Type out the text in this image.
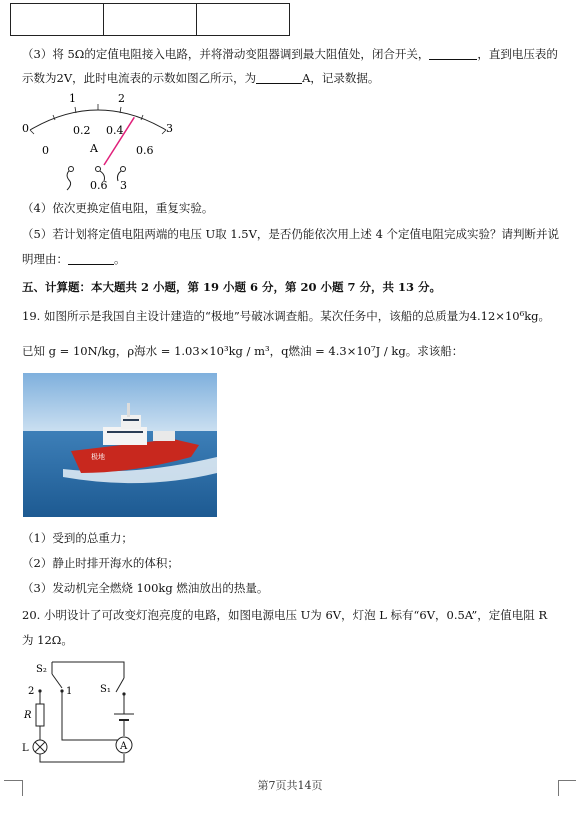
（3）将 5Ω的定值电阻接入电路，并将滑动变阻器调到最大阻值处，闭合开关，	，直到电压表的
示数为2V，此时电流表的示数如图乙所示，为	A，记录数据。
0
1	2
3
0
0.2 0.4
0.6
A
0.6 3
（4）依次更换定值电阻，重复实验。
（5）若计划将定值电阻两端的电压 U取 1.5V，是否仍能依次用上述 4 个定值电阻完成实验？请判断并说
明理由：	。
五、计算题：本大题共 2 小题，第 19 小题 6 分，第 20 小题 7 分，共 13 分。
19. 如图所示是我国自主设计建造的“极地”号破冰调查船。某次任务中，该船的总质量为4.12×10⁶kg。
已知 g = 10N/kg，ρ海水 = 1.03×10³kg / m³，q燃油 = 4.3×10⁷J / kg。求该船：
极地
（1）受到的总重力；
（2）静止时排开海水的体积；
（3）发动机完全燃烧 100kg 燃油放出的热量。
20. 小明设计了可改变灯泡亮度的电路，如图电源电压 U为 6V，灯泡 L 标有“6V，0.5A”，定值电阻 R
为 12Ω。
A
S₂
2	1	S₁
R
L
第7页共14页
